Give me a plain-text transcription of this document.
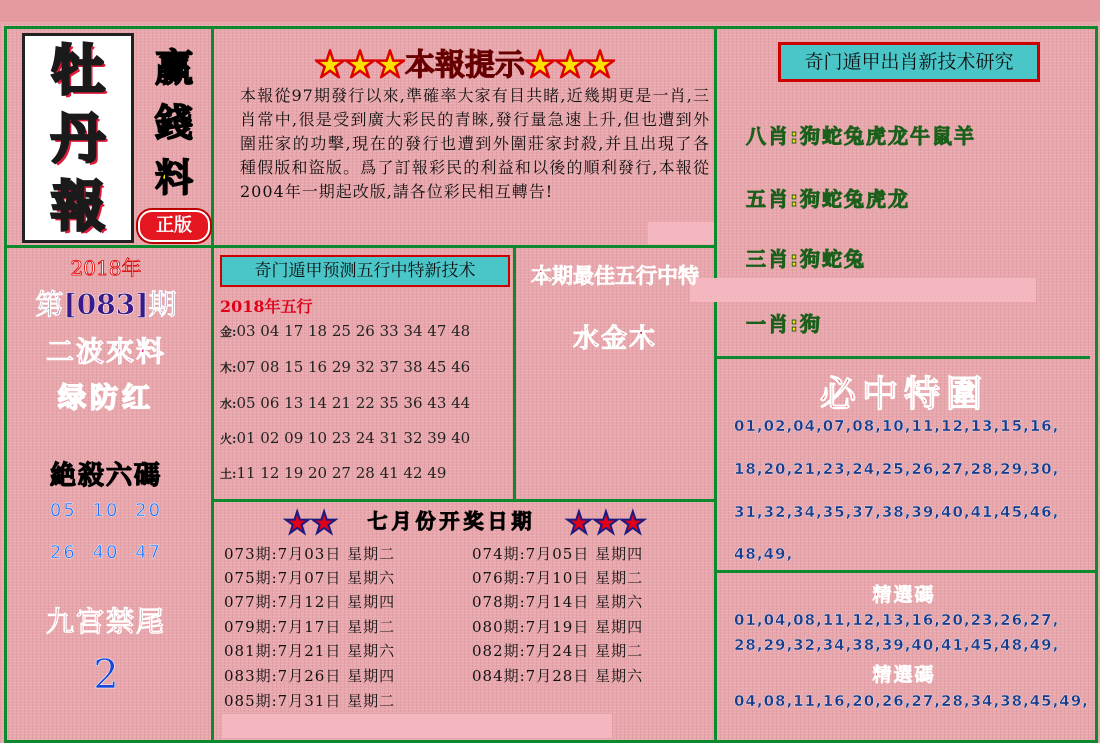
牡
丹
報
赢
錢
料
正版
★★★本報提示★★★
本報從97期發行以來,準確率大家有目共睹,近幾期更是一肖,三肖常中,很是受到廣大彩民的青睞,發行量急速上升,但也遭到外圍莊家的功擊,現在的發行也遭到外圍莊家封殺,并且出現了各種假版和盜版。爲了訂報彩民的利益和以後的順利發行,本報從2004年一期起改版,請各位彩民相互轉告!
2018年
第[083]期
二波來料
绿防红
絶殺六碼
05 10 20
26 40 47
九宫禁尾
2
奇门遁甲预测五行中特新技术
2018年五行
金:03 04 17 18 25 26 33 34 47 48
木:07 08 15 16 29 32 37 38 45 46
水:05 06 13 14 21 22 35 36 43 44
火:01 02 09 10 23 24 31 32 39 40
土:11 12 19 20 27 28 41 42 49
本期最佳五行中特
水金木
★★ 七月份开奖日期 ★★★
073期:7月03日 星期二
075期:7月07日 星期六
077期:7月12日 星期四
079期:7月17日 星期二
081期:7月21日 星期六
083期:7月26日 星期四
085期:7月31日 星期二
074期:7月05日 星期四
076期:7月10日 星期二
078期:7月14日 星期六
080期:7月19日 星期四
082期:7月24日 星期二
084期:7月28日 星期六
奇门遁甲出肖新技术研究
八肖:狗蛇兔虎龙牛鼠羊
五肖:狗蛇兔虎龙
三肖:狗蛇兔
一肖:狗
必中特圍
01,02,04,07,08,10,11,12,13,15,16,
18,20,21,23,24,25,26,27,28,29,30,
31,32,34,35,37,38,39,40,41,45,46,
48,49,
精選碼
01,04,08,11,12,13,16,20,23,26,27,
28,29,32,34,38,39,40,41,45,48,49,
精選碼
04,08,11,16,20,26,27,28,34,38,45,49,
